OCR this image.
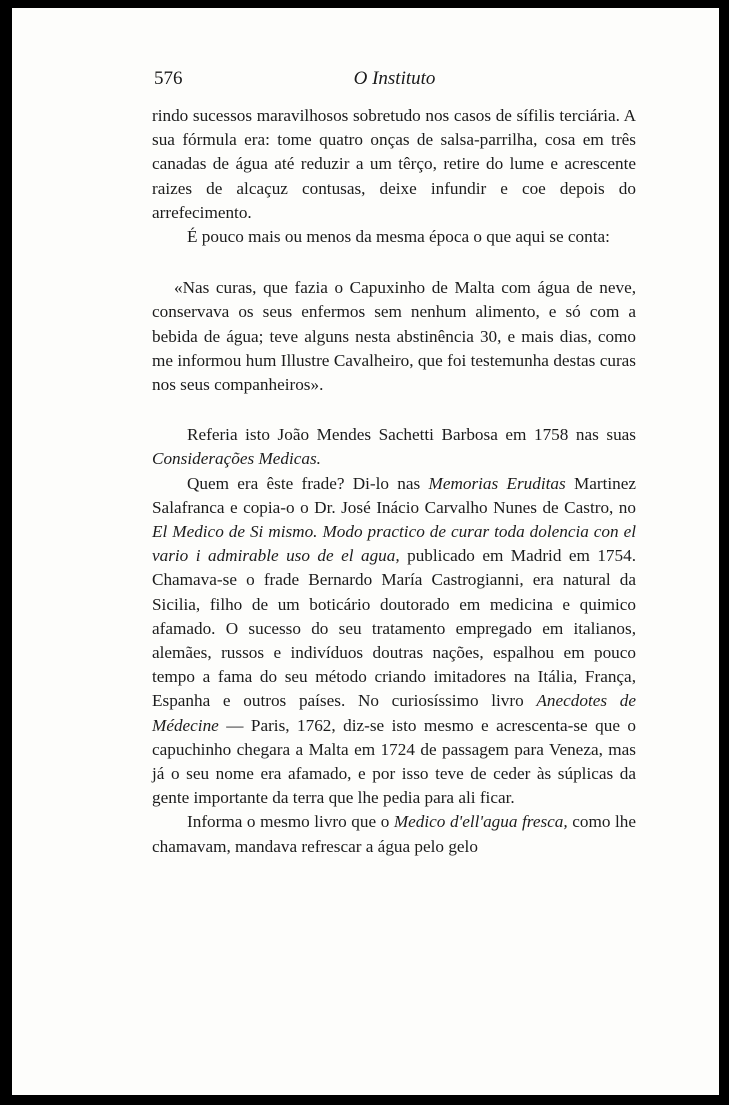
576	O Instituto

rindo sucessos maravilhosos sobretudo nos casos de sífilis terciária. A sua fórmula era: tome quatro onças de salsa-parrilha, cosa em três canadas de água até reduzir a um têrço, retire do lume e acrescente raizes de alcaçuz contusas, deixe infundir e coe depois do arrefecimento.

É pouco mais ou menos da mesma época o que aqui se conta:

«Nas curas, que fazia o Capuxinho de Malta com água de neve, conservava os seus enfermos sem nenhum alimento, e só com a bebida de água; teve alguns nesta abstinência 30, e mais dias, como me informou hum Illustre Cavalheiro, que foi testemunha destas curas nos seus companheiros».

Referia isto João Mendes Sachetti Barbosa em 1758 nas suas Considerações Medicas.

Quem era êste frade? Di-lo nas Memorias Eruditas Martinez Salafranca e copia-o o Dr. José Inácio Carvalho Nunes de Castro, no El Medico de Si mismo. Modo practico de curar toda dolencia con el vario i admirable uso de el agua, publicado em Madrid em 1754. Chamava-se o frade Bernardo María Castrogianni, era natural da Sicilia, filho de um boticário doutorado em medicina e quimico afamado. O sucesso do seu tratamento empregado em italianos, alemães, russos e indivíduos doutras nações, espalhou em pouco tempo a fama do seu método criando imitadores na Itália, França, Espanha e outros países. No curiosíssimo livro Anecdotes de Médecine — Paris, 1762, diz-se isto mesmo e acrescenta-se que o capuchinho chegara a Malta em 1724 de passagem para Veneza, mas já o seu nome era afamado, e por isso teve de ceder às súplicas da gente importante da terra que lhe pedia para ali ficar.

Informa o mesmo livro que o Medico d'ell'agua fresca, como lhe chamavam, mandava refrescar a água pelo gelo
